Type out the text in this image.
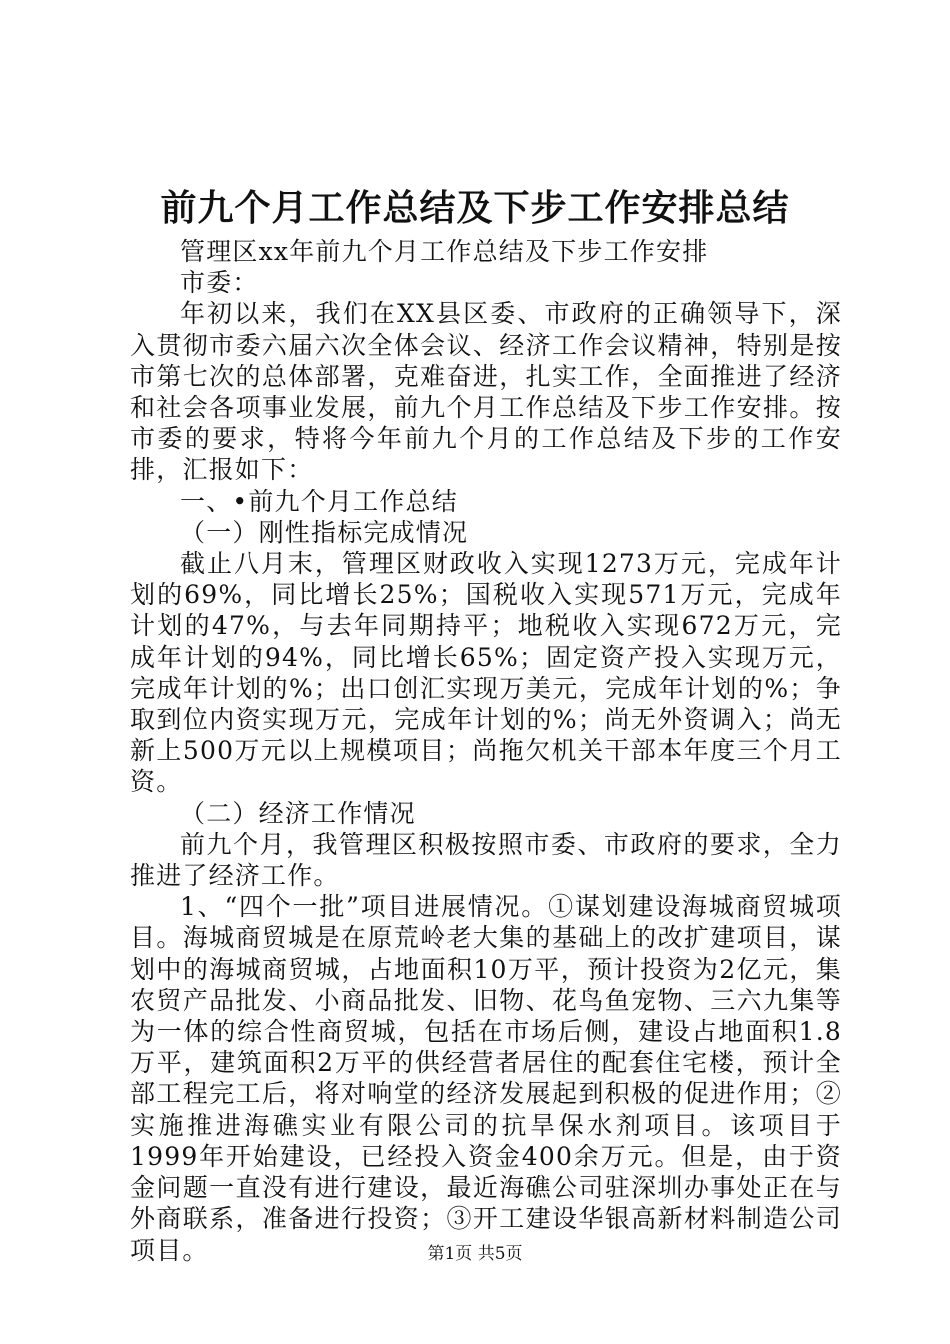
前九个月工作总结及下步工作安排总结

管理区xx年前九个月工作总结及下步工作安排

市委：

年初以来，我们在XX县区委、市政府的正确领导下，深入贯彻市委六届六次全体会议、经济工作会议精神，特别是按市第七次的总体部署，克难奋进，扎实工作，全面推进了经济和社会各项事业发展，前九个月工作总结及下步工作安排。按市委的要求，特将今年前九个月的工作总结及下步的工作安排，汇报如下：

一、•前九个月工作总结

（一）刚性指标完成情况

截止八月末，管理区财政收入实现1273万元，完成年计划的69%，同比增长25%；国税收入实现571万元，完成年计划的47%，与去年同期持平；地税收入实现672万元，完成年计划的94%，同比增长65%；固定资产投入实现万元，完成年计划的%；出口创汇实现万美元，完成年计划的%；争取到位内资实现万元，完成年计划的%；尚无外资调入；尚无新上500万元以上规模项目；尚拖欠机关干部本年度三个月工资。

（二）经济工作情况

前九个月，我管理区积极按照市委、市政府的要求，全力推进了经济工作。

1、“四个一批”项目进展情况。①谋划建设海城商贸城项目。海城商贸城是在原荒岭老大集的基础上的改扩建项目，谋划中的海城商贸城，占地面积10万平，预计投资为2亿元，集农贸产品批发、小商品批发、旧物、花鸟鱼宠物、三六九集等为一体的综合性商贸城，包括在市场后侧，建设占地面积1.8万平，建筑面积2万平的供经营者居住的配套住宅楼，预计全部工程完工后，将对响堂的经济发展起到积极的促进作用；②实施推进海礁实业有限公司的抗旱保水剂项目。该项目于1999年开始建设，已经投入资金400余万元。但是，由于资金问题一直没有进行建设，最近海礁公司驻深圳办事处正在与外商联系，准备进行投资；③开工建设华银高新材料制造公司项目。	第1页 共5页
